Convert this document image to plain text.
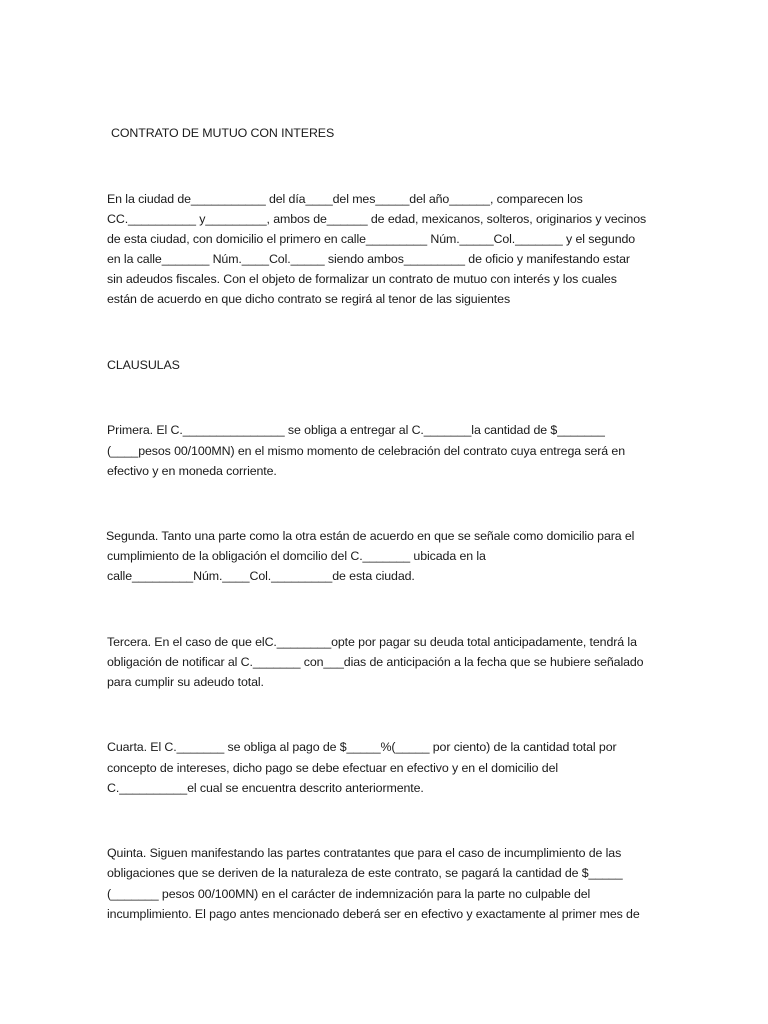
CONTRATO DE MUTUO CON INTERES
En la ciudad de___________ del día____del mes_____del año______, comparecen los
CC.__________ y_________, ambos de______ de edad, mexicanos, solteros, originarios y vecinos
de esta ciudad, con domicilio el primero en calle_________ Núm._____Col._______ y el segundo
en la calle_______ Núm.____Col._____ siendo ambos_________ de oficio y manifestando estar
sin adeudos fiscales. Con el objeto de formalizar un contrato de mutuo con interés y los cuales
están de acuerdo en que dicho contrato se regirá al tenor de las siguientes
CLAUSULAS
Primera. El C._______________ se obliga a entregar al C._______la cantidad de $_______
(____pesos 00/100MN) en el mismo momento de celebración del contrato cuya entrega será en
efectivo y en moneda corriente.
Segunda. Tanto una parte como la otra están de acuerdo en que se señale como domicilio para el
cumplimiento de la obligación el domcilio del C._______ ubicada en la
calle_________Núm.____Col._________de esta ciudad.
Tercera. En el caso de que elC.________opte por pagar su deuda total anticipadamente, tendrá la
obligación de notificar al C._______ con___dias de anticipación a la fecha que se hubiere señalado
para cumplir su adeudo total.
Cuarta. El C._______ se obliga al pago de $_____%(_____ por ciento) de la cantidad total por
concepto de intereses, dicho pago se debe efectuar en efectivo y en el domicilio del
C.__________el cual se encuentra descrito anteriormente.
Quinta. Siguen manifestando las partes contratantes que para el caso de incumplimiento de las
obligaciones que se deriven de la naturaleza de este contrato, se pagará la cantidad de $_____
(_______ pesos 00/100MN) en el carácter de indemnización para la parte no culpable del
incumplimiento. El pago antes mencionado deberá ser en efectivo y exactamente al primer mes de
